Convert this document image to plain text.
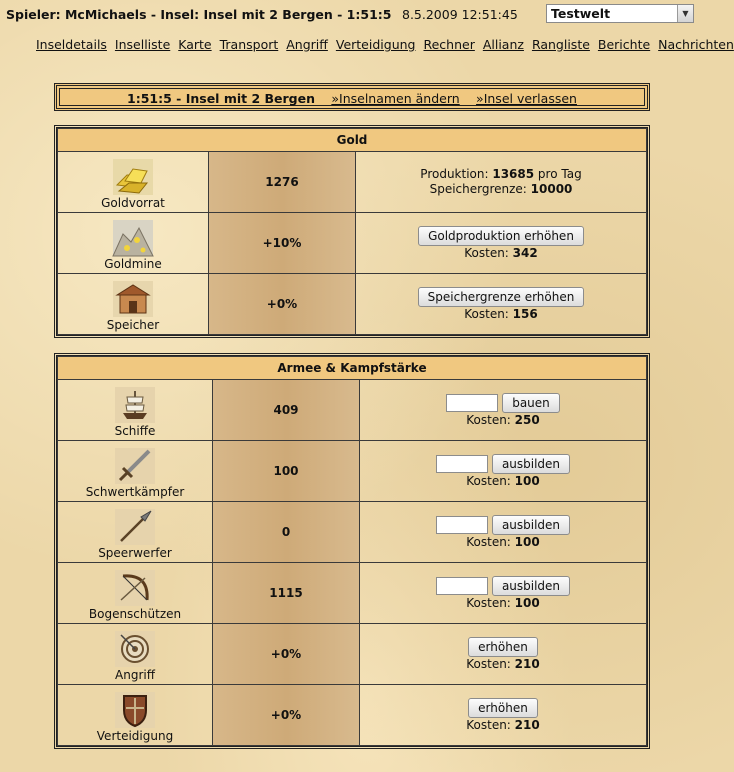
Spieler: McMichaels - Insel: Insel mit 2 Bergen - 1:51:5 8.5.2009 12:51:45	Testwelt	▼
Inseldetails Inselliste Karte Transport Angriff Verteidigung Rechner Allianz Rangliste Berichte Nachrichten
1:51:5 - Insel mit 2 Bergen »Inselnamen ändern »Insel verlassen
Gold		

Goldvorrat	1276	Produktion: 13685 pro Tag
Speichergrenze: 10000

Goldmine	+10%	Goldproduktion erhöhen
Kosten: 342

Speicher	+0%	Speichergrenze erhöhen
Kosten: 156
Armee & Kampfstärke		

Schiffe	409	bauen
Kosten: 250

Schwertkämpfer	100	ausbilden
Kosten: 100

Speerwerfer	0	ausbilden
Kosten: 100

Bogenschützen	1115	ausbilden
Kosten: 100

Angriff	+0%	erhöhen
Kosten: 210

Verteidigung	+0%	erhöhen
Kosten: 210
